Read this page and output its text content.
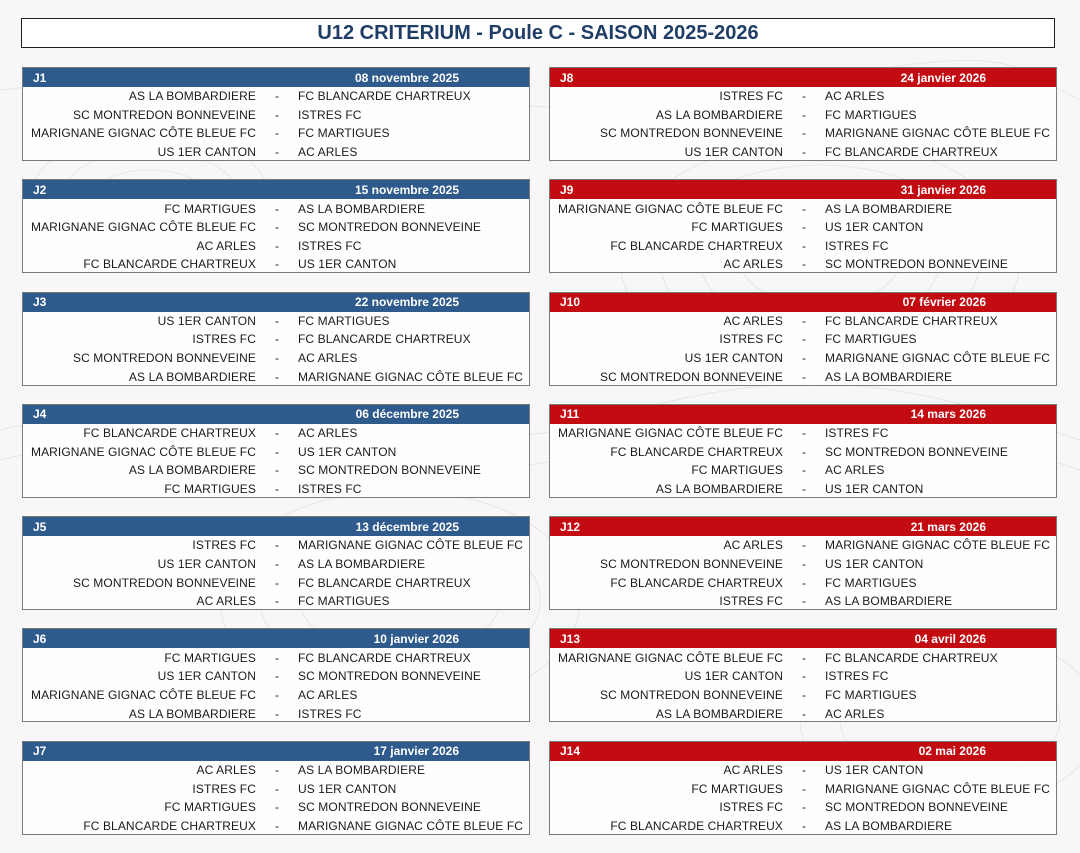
U12 CRITERIUM - Poule C - SAISON 2025-2026
J1	08 novembre 2025
AS LA BOMBARDIERE	-	FC BLANCARDE CHARTREUX
SC MONTREDON BONNEVEINE	-	ISTRES FC
MARIGNANE GIGNAC CÔTE BLEUE FC	-	FC MARTIGUES
US 1ER CANTON	-	AC ARLES
J2	15 novembre 2025
FC MARTIGUES	-	AS LA BOMBARDIERE
MARIGNANE GIGNAC CÔTE BLEUE FC	-	SC MONTREDON BONNEVEINE
AC ARLES	-	ISTRES FC
FC BLANCARDE CHARTREUX	-	US 1ER CANTON
J3	22 novembre 2025
US 1ER CANTON	-	FC MARTIGUES
ISTRES FC	-	FC BLANCARDE CHARTREUX
SC MONTREDON BONNEVEINE	-	AC ARLES
AS LA BOMBARDIERE	-	MARIGNANE GIGNAC CÔTE BLEUE FC
J4	06 décembre 2025
FC BLANCARDE CHARTREUX	-	AC ARLES
MARIGNANE GIGNAC CÔTE BLEUE FC	-	US 1ER CANTON
AS LA BOMBARDIERE	-	SC MONTREDON BONNEVEINE
FC MARTIGUES	-	ISTRES FC
J5	13 décembre 2025
ISTRES FC	-	MARIGNANE GIGNAC CÔTE BLEUE FC
US 1ER CANTON	-	AS LA BOMBARDIERE
SC MONTREDON BONNEVEINE	-	FC BLANCARDE CHARTREUX
AC ARLES	-	FC MARTIGUES
J6	10 janvier 2026
FC MARTIGUES	-	FC BLANCARDE CHARTREUX
US 1ER CANTON	-	SC MONTREDON BONNEVEINE
MARIGNANE GIGNAC CÔTE BLEUE FC	-	AC ARLES
AS LA BOMBARDIERE	-	ISTRES FC
J7	17 janvier 2026
AC ARLES	-	AS LA BOMBARDIERE
ISTRES FC	-	US 1ER CANTON
FC MARTIGUES	-	SC MONTREDON BONNEVEINE
FC BLANCARDE CHARTREUX	-	MARIGNANE GIGNAC CÔTE BLEUE FC
J8	24 janvier 2026
ISTRES FC	-	AC ARLES
AS LA BOMBARDIERE	-	FC MARTIGUES
SC MONTREDON BONNEVEINE	-	MARIGNANE GIGNAC CÔTE BLEUE FC
US 1ER CANTON	-	FC BLANCARDE CHARTREUX
J9	31 janvier 2026
MARIGNANE GIGNAC CÔTE BLEUE FC	-	AS LA BOMBARDIERE
FC MARTIGUES	-	US 1ER CANTON
FC BLANCARDE CHARTREUX	-	ISTRES FC
AC ARLES	-	SC MONTREDON BONNEVEINE
J10	07 février 2026
AC ARLES	-	FC BLANCARDE CHARTREUX
ISTRES FC	-	FC MARTIGUES
US 1ER CANTON	-	MARIGNANE GIGNAC CÔTE BLEUE FC
SC MONTREDON BONNEVEINE	-	AS LA BOMBARDIERE
J11	14 mars 2026
MARIGNANE GIGNAC CÔTE BLEUE FC	-	ISTRES FC
FC BLANCARDE CHARTREUX	-	SC MONTREDON BONNEVEINE
FC MARTIGUES	-	AC ARLES
AS LA BOMBARDIERE	-	US 1ER CANTON
J12	21 mars 2026
AC ARLES	-	MARIGNANE GIGNAC CÔTE BLEUE FC
SC MONTREDON BONNEVEINE	-	US 1ER CANTON
FC BLANCARDE CHARTREUX	-	FC MARTIGUES
ISTRES FC	-	AS LA BOMBARDIERE
J13	04 avril 2026
MARIGNANE GIGNAC CÔTE BLEUE FC	-	FC BLANCARDE CHARTREUX
US 1ER CANTON	-	ISTRES FC
SC MONTREDON BONNEVEINE	-	FC MARTIGUES
AS LA BOMBARDIERE	-	AC ARLES
J14	02 mai 2026
AC ARLES	-	US 1ER CANTON
FC MARTIGUES	-	MARIGNANE GIGNAC CÔTE BLEUE FC
ISTRES FC	-	SC MONTREDON BONNEVEINE
FC BLANCARDE CHARTREUX	-	AS LA BOMBARDIERE
